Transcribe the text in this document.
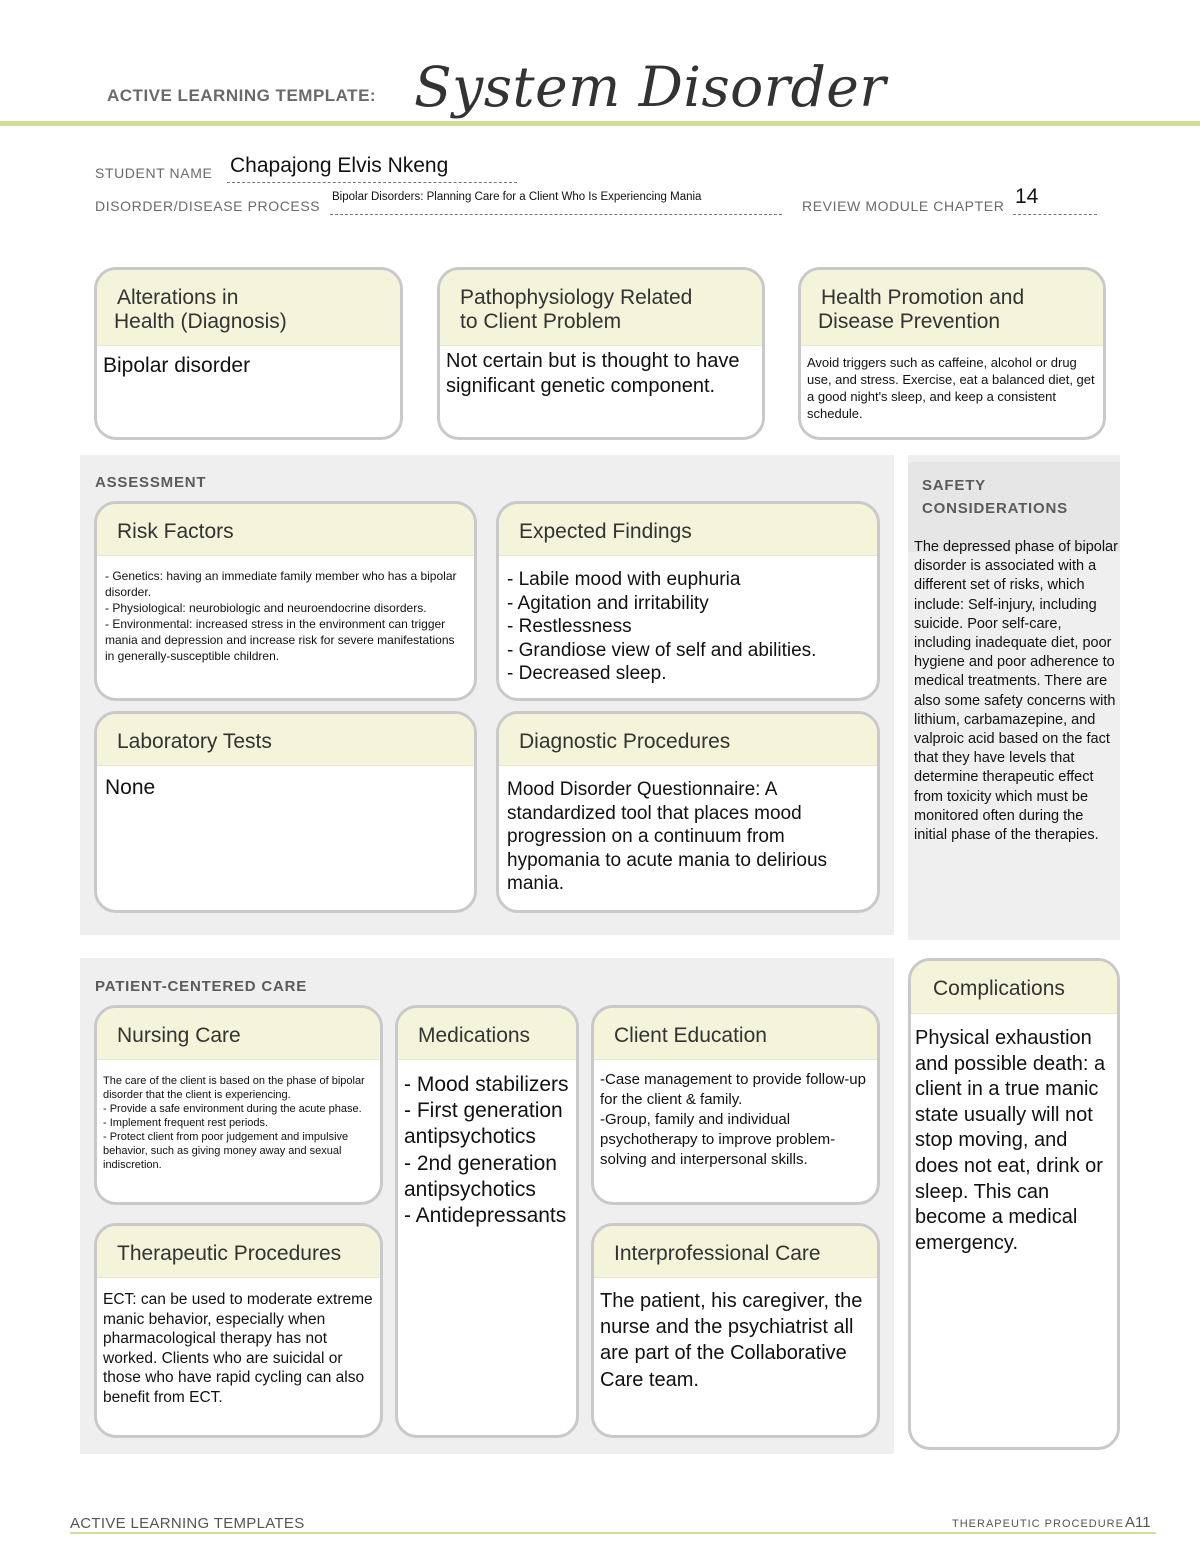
ACTIVE LEARNING TEMPLATE: System Disorder
STUDENT NAME Chapajong Elvis Nkeng
DISORDER/DISEASE PROCESS
Bipolar Disorders: Planning Care for a Client Who Is Experiencing Mania
REVIEW MODULE CHAPTER 14
Alterations in
Health (Diagnosis)
Bipolar disorder
Pathophysiology Related
to Client Problem
Not certain but is thought to have significant genetic component.
Health Promotion and
Disease Prevention
Avoid triggers such as caffeine, alcohol or drug use, and stress. Exercise, eat a balanced diet, get a good night's sleep, and keep a consistent schedule.
ASSESSMENT
Risk Factors
- Genetics: having an immediate family member who has a bipolar disorder.
- Physiological: neurobiologic and neuroendocrine disorders.
- Environmental: increased stress in the environment can trigger mania and depression and increase risk for severe manifestations in generally-susceptible children.
Expected Findings
- Labile mood with euphuria
- Agitation and irritability
- Restlessness
- Grandiose view of self and abilities.
- Decreased sleep.
Laboratory Tests
None
Diagnostic Procedures
Mood Disorder Questionnaire: A standardized tool that places mood progression on a continuum from hypomania to acute mania to delirious mania.
SAFETY
CONSIDERATIONS
The depressed phase of bipolar disorder is associated with a different set of risks, which include: Self-injury, including suicide. Poor self-care, including inadequate diet, poor hygiene and poor adherence to medical treatments. There are also some safety concerns with lithium, carbamazepine, and valproic acid based on the fact that they have levels that determine therapeutic effect from toxicity which must be monitored often during the initial phase of the therapies.
PATIENT-CENTERED CARE
Nursing Care
The care of the client is based on the phase of bipolar disorder that the client is experiencing.
- Provide a safe environment during the acute phase.
- Implement frequent rest periods.
- Protect client from poor judgement and impulsive behavior, such as giving money away and sexual indiscretion.
Medications
- Mood stabilizers
- First generation antipsychotics
- 2nd generation antipsychotics
- Antidepressants
Client Education
-Case management to provide follow-up for the client & family.
-Group, family and individual psychotherapy to improve problem-solving and interpersonal skills.
Therapeutic Procedures
ECT: can be used to moderate extreme manic behavior, especially when pharmacological therapy has not worked. Clients who are suicidal or those who have rapid cycling can also benefit from ECT.
Interprofessional Care
The patient, his caregiver, the nurse and the psychiatrist all are part of the Collaborative Care team.
Complications
Physical exhaustion and possible death: a client in a true manic state usually will not stop moving, and does not eat, drink or sleep. This can become a medical emergency.
ACTIVE LEARNING TEMPLATES	THERAPEUTIC PROCEDURE A11
